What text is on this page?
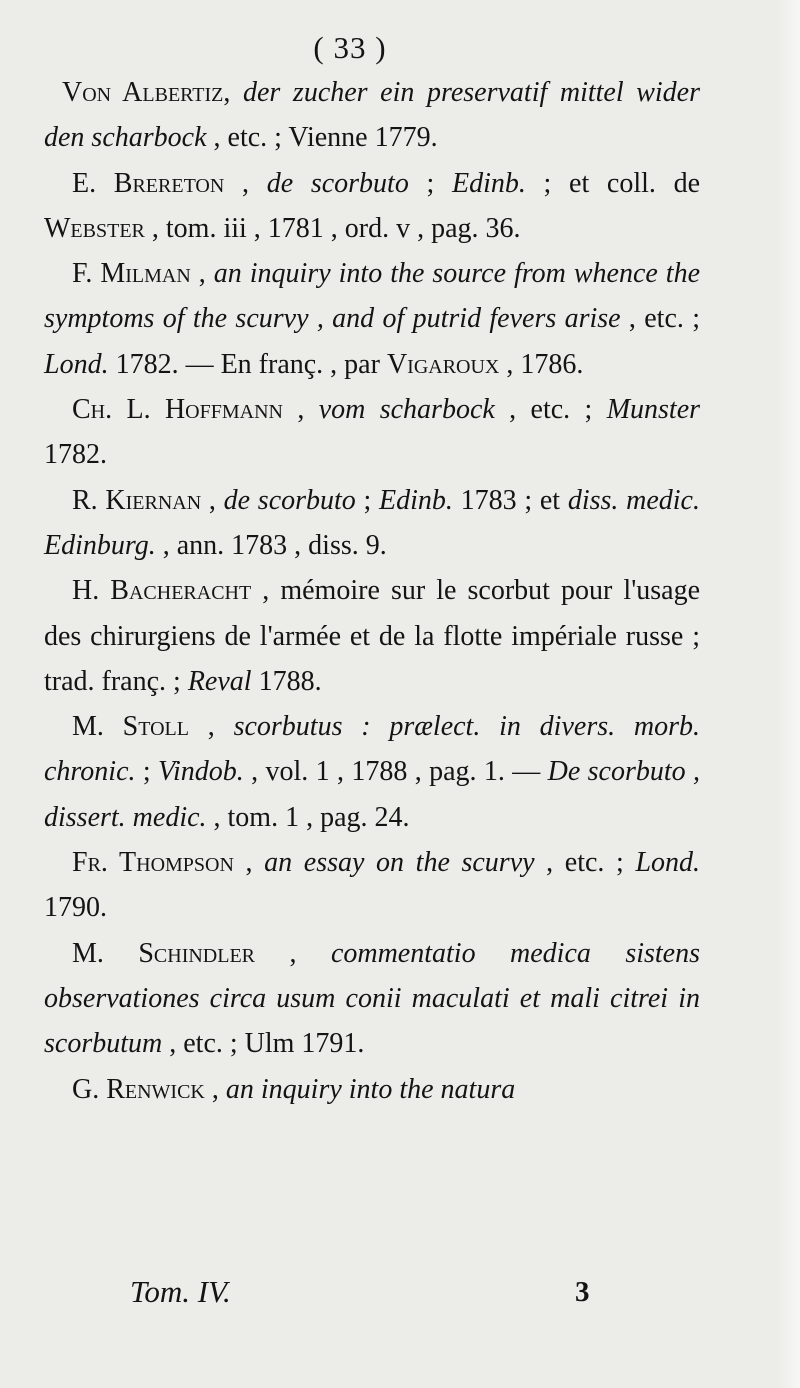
( 33 )

Von Albertiz, der zucher ein preservatif mittel wider den scharbock , etc. ; Vienne 1779.

E. Brereton , de scorbuto ; Edinb. ; et coll. de Webster , tom. iii , 1781 , ord. v , pag. 36.

F. Milman , an inquiry into the source from whence the symptoms of the scurvy , and of putrid fevers arise , etc. ; Lond. 1782. — En franç. , par Vigaroux , 1786.

Ch. L. Hoffmann , vom scharbock , etc. ; Munster 1782.

R. Kiernan , de scorbuto ; Edinb. 1783 ; et diss. medic. Edinburg. , ann. 1783 , diss. 9.

H. Bacheracht , mémoire sur le scorbut pour l'usage des chirurgiens de l'armée et de la flotte impériale russe ; trad. franç. ; Reval 1788.

M. Stoll , scorbutus : prælect. in divers. morb. chronic. ; Vindob. , vol. 1 , 1788 , pag. 1. — De scorbuto , dissert. medic. , tom. 1 , pag. 24.

Fr. Thompson , an essay on the scurvy , etc. ; Lond. 1790.

M. Schindler , commentatio medica sistens observationes circa usum conii maculati et mali citrei in scorbutum , etc. ; Ulm 1791.

G. Renwick , an inquiry into the natura

Tom. IV.	3
